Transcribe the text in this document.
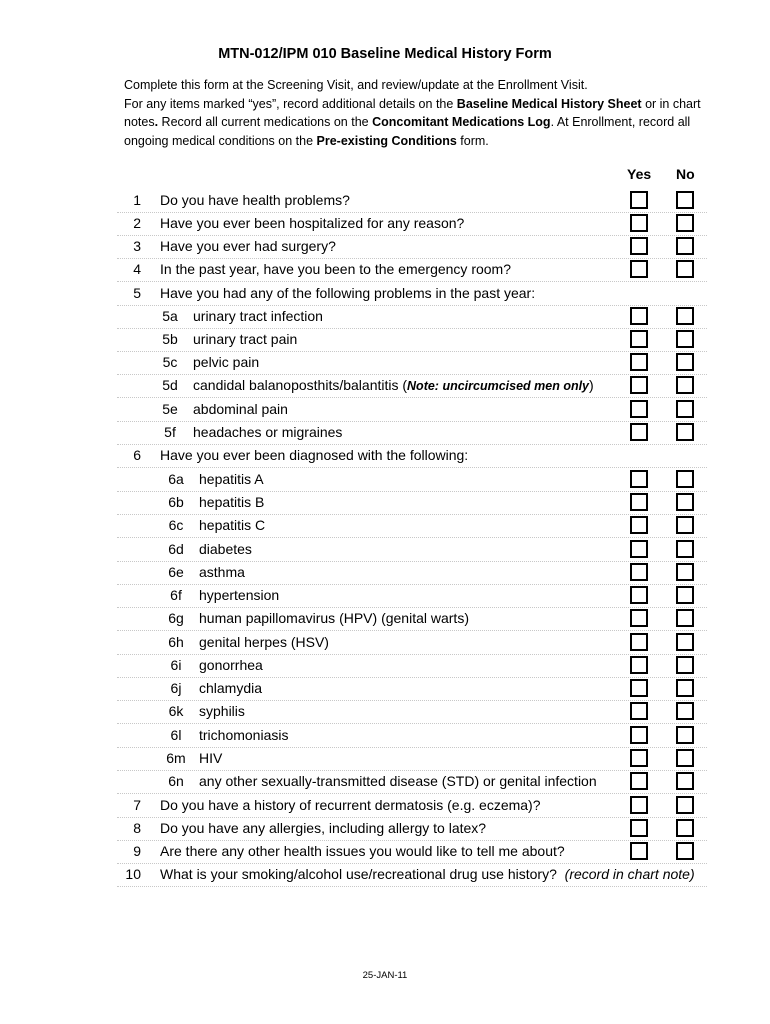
MTN-012/IPM 010 Baseline Medical History Form
Complete this form at the Screening Visit, and review/update at the Enrollment Visit.
For any items marked “yes”, record additional details on the Baseline Medical History Sheet or in chart
notes. Record all current medications on the Concomitant Medications Log. At Enrollment, record all
ongoing medical conditions on the Pre-existing Conditions form.
Yes No
1 Do you have health problems?
2 Have you ever been hospitalized for any reason?
3 Have you ever had surgery?
4 In the past year, have you been to the emergency room?
5 Have you had any of the following problems in the past year:
5a	urinary tract infection
5b	urinary tract pain
5c	pelvic pain
5d	candidal balanoposthits/balantitis (Note: uncircumcised men only)
5e	abdominal pain
5f	headaches or migraines
6 Have you ever been diagnosed with the following:
6a	hepatitis A
6b	hepatitis B
6c	hepatitis C
6d	diabetes
6e	asthma
6f	hypertension
6g	human papillomavirus (HPV) (genital warts)
6h	genital herpes (HSV)
6i	gonorrhea
6j	chlamydia
6k	syphilis
6l	trichomoniasis
6m HIV
6n	any other sexually-transmitted disease (STD) or genital infection
7 Do you have a history of recurrent dermatosis (e.g. eczema)?
8 Do you have any allergies, including allergy to latex?
9 Are there any other health issues you would like to tell me about?
10 What is your smoking/alcohol use/recreational drug use history? (record in chart note)
25-JAN-11
